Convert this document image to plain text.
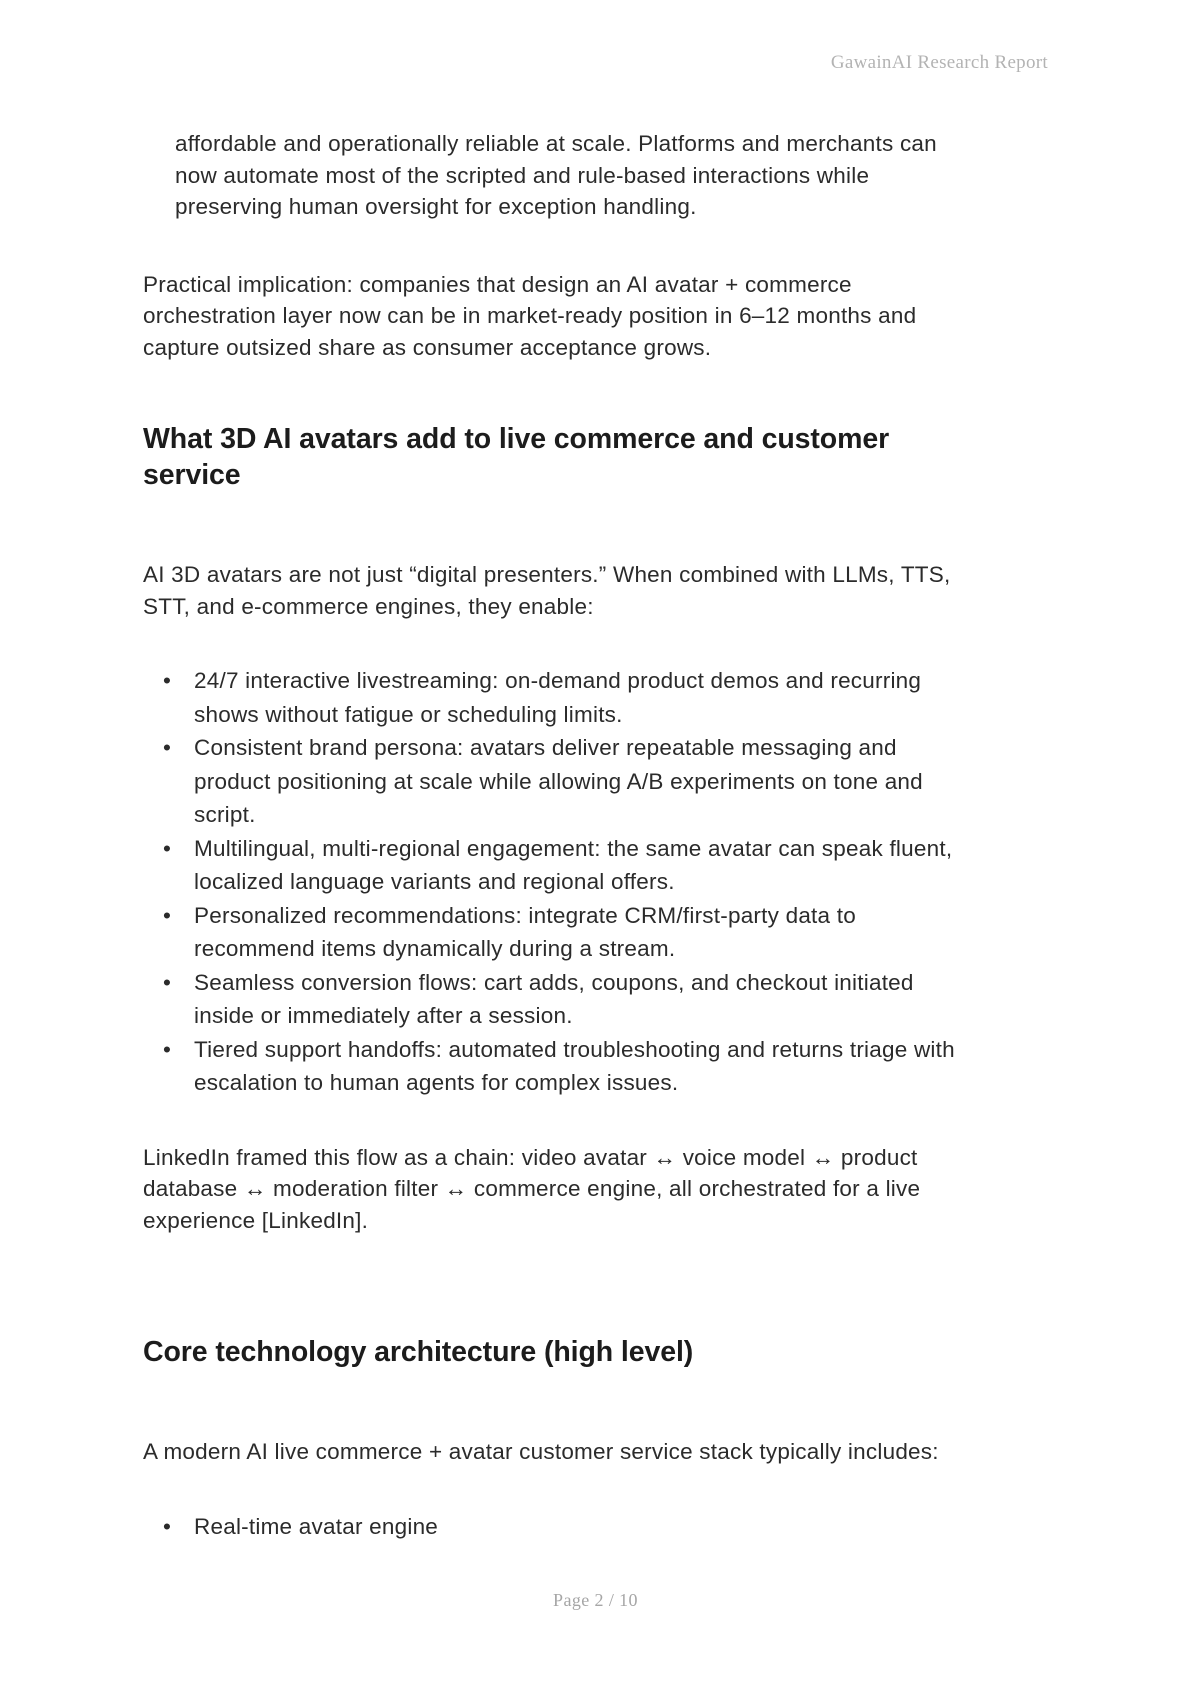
GawainAI Research Report

affordable and operationally reliable at scale. Platforms and merchants can now automate most of the scripted and rule-based interactions while preserving human oversight for exception handling.

Practical implication: companies that design an AI avatar + commerce orchestration layer now can be in market-ready position in 6–12 months and capture outsized share as consumer acceptance grows.

What 3D AI avatars add to live commerce and customer service

AI 3D avatars are not just “digital presenters.” When combined with LLMs, TTS, STT, and e-commerce engines, they enable:

• 24/7 interactive livestreaming: on-demand product demos and recurring shows without fatigue or scheduling limits.
• Consistent brand persona: avatars deliver repeatable messaging and product positioning at scale while allowing A/B experiments on tone and script.
• Multilingual, multi-regional engagement: the same avatar can speak fluent, localized language variants and regional offers.
• Personalized recommendations: integrate CRM/first-party data to recommend items dynamically during a stream.
• Seamless conversion flows: cart adds, coupons, and checkout initiated inside or immediately after a session.
• Tiered support handoffs: automated troubleshooting and returns triage with escalation to human agents for complex issues.

LinkedIn framed this flow as a chain: video avatar ↔ voice model ↔ product database ↔ moderation filter ↔ commerce engine, all orchestrated for a live experience [LinkedIn].

Core technology architecture (high level)

A modern AI live commerce + avatar customer service stack typically includes:

• Real-time avatar engine
Page 2 / 10
